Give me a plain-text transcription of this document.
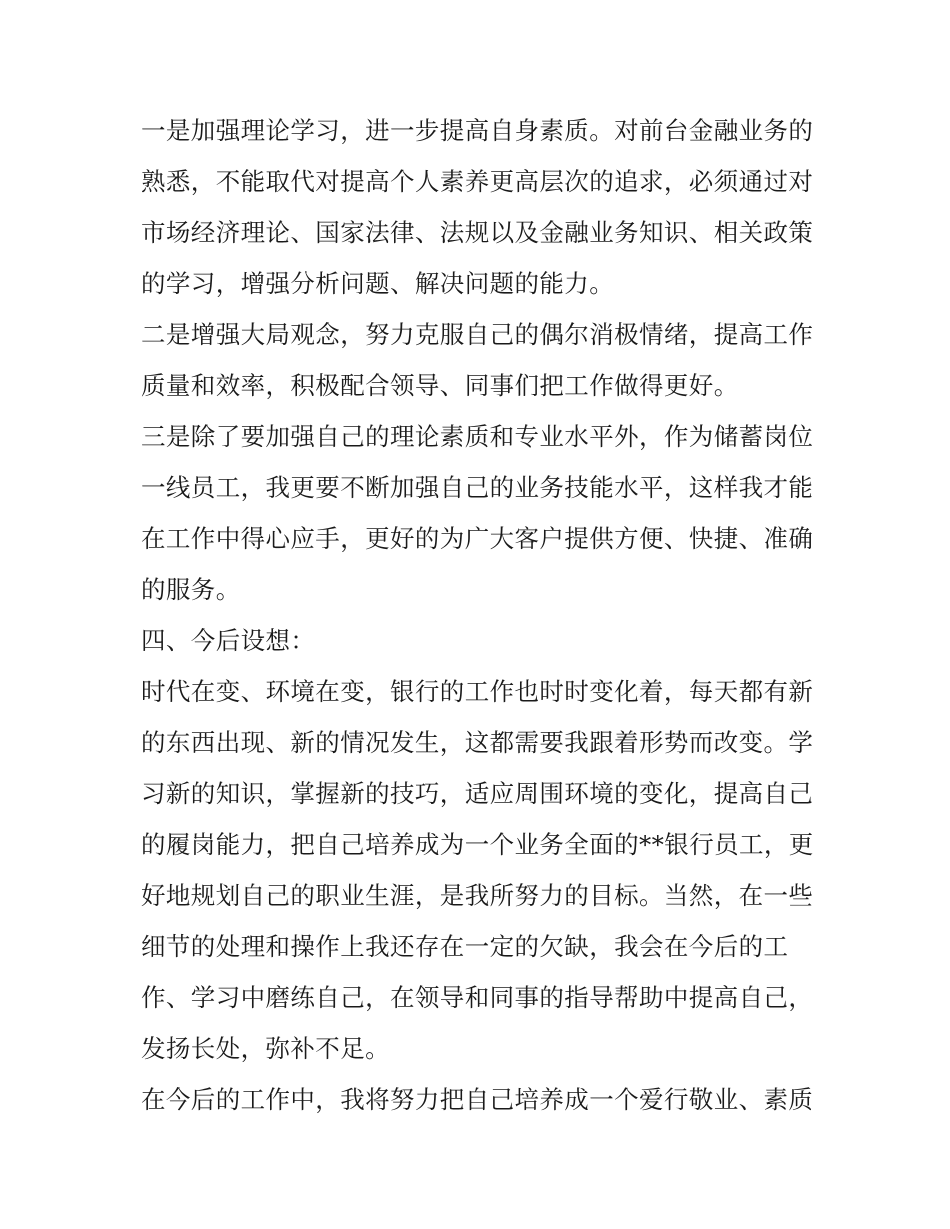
一是加强理论学习，进一步提高自身素质。对前台金融业务的
熟悉，不能取代对提高个人素养更高层次的追求，必须通过对
市场经济理论、国家法律、法规以及金融业务知识、相关政策
的学习，增强分析问题、解决问题的能力。
二是增强大局观念，努力克服自己的偶尔消极情绪，提高工作
质量和效率，积极配合领导、同事们把工作做得更好。
三是除了要加强自己的理论素质和专业水平外，作为储蓄岗位
一线员工，我更要不断加强自己的业务技能水平，这样我才能
在工作中得心应手，更好的为广大客户提供方便、快捷、准确
的服务。
四、今后设想：
时代在变、环境在变，银行的工作也时时变化着，每天都有新
的东西出现、新的情况发生，这都需要我跟着形势而改变。学
习新的知识，掌握新的技巧，适应周围环境的变化，提高自己
的履岗能力，把自己培养成为一个业务全面的**银行员工，更
好地规划自己的职业生涯，是我所努力的目标。当然，在一些
细节的处理和操作上我还存在一定的欠缺，我会在今后的工
作、学习中磨练自己，在领导和同事的指导帮助中提高自己，
发扬长处，弥补不足。
在今后的工作中，我将努力把自己培养成一个爱行敬业、素质
